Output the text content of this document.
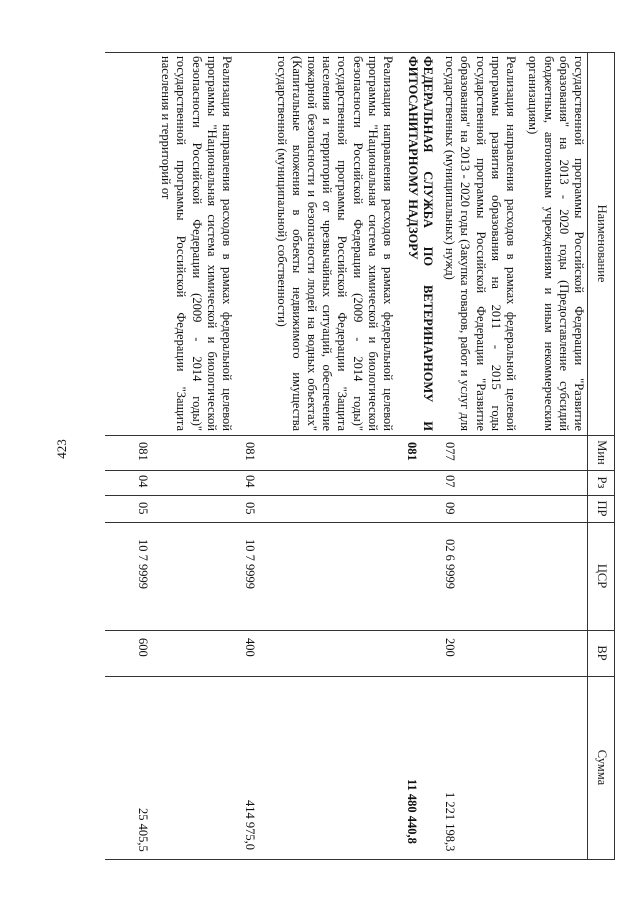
423
Наименование
Мин
Рз
ПР
ЦСР
ВР
Сумма
государственной программы Российской Федерации "Развитие образования" на 2013 - 2020 годы (Предоставление субсидий бюджетным, автономным учреждениям и иным некоммерческим организациям)
Реализация направления расходов в рамках федеральной целевой программы развития образования на 2011 - 2015 годы государственной программы Российской Федерации "Развитие образования" на 2013 - 2020 годы (Закупка товаров, работ и услуг для государственных (муниципальных) нужд)
077
07
09
02 6 9999
200
1 221 198,3
ФЕДЕРАЛЬНАЯ СЛУЖБА ПО ВЕТЕРИНАРНОМУ И ФИТОСАНИТАРНОМУ НАДЗОРУ
081
11 480 440,8
Реализация направления расходов в рамках федеральной целевой программы "Национальная система химической и биологической безопасности Российской Федерации (2009 - 2014 годы)" государственной программы Российской Федерации "Защита населения и территорий от чрезвычайных ситуаций, обеспечение пожарной безопасности и безопасности людей на водных объектах" (Капитальные вложения в объекты недвижимого имущества государственной (муниципальной) собственности)
081
04
05
10 7 9999
400
414 975,0
Реализация направления расходов в рамках федеральной целевой программы "Национальная система химической и биологической безопасности Российской Федерации (2009 - 2014 годы)" государственной программы Российской Федерации "Защита населения и территорий от
081
04
05
10 7 9999
600
25 405,5
